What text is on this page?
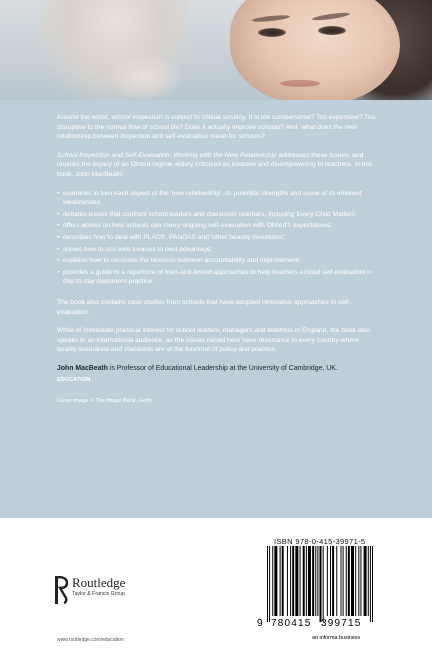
Around the world, school inspection is subject to critical scrutiny. It is too cumbersome? Too expensive? Too disruptive to the normal flow of school life? Does it actually improve schools? And, what does the new relationship between inspection and self-evaluation mean for schools?

School Inspection and Self-Evaluation: Working with the New Relationship addresses these issues, and unpicks the legacy of an Ofsted regime widely criticised as invasive and disempowering to teachers. In this book, John MacBeath:

• examines in turn each aspect of the 'new relationship', its potential strengths and some of its inherent weaknesses;
• debates issues that confront school leaders and classroom teachers, including Every Child Matters;
• offers advice on how schools can marry ongoing self-evaluation with Ofsted's expectations;
• describes how to deal with PLACS, PANDAS and 'other beastly inventions';
• shows how to use web sources to best advantage;
• explains how to reconcile the tensions between accountability and improvement;
• provides a guide to a repertoire of tried-and-tested approaches to help teachers embed self-evaluation in day-to-day classroom practice.

The book also contains case studies from schools that have adopted innovative approaches to self-evaluation.

While of immediate practical interest for school leaders, managers and teachers in England, the book also speaks to an international audience, as the issues raised here have resonance in every country where quality assurance and standards are at the forefront of policy and practice.

John MacBeath is Professor of Educational Leadership at the University of Cambridge, UK.
EDUCATION
Cover image © The Image Bank, Getty
Routledge
Taylor & Francis Group
www.routledge.com/education
ISBN 978-0-415-39971-5
9 780415 399715
an informa business
